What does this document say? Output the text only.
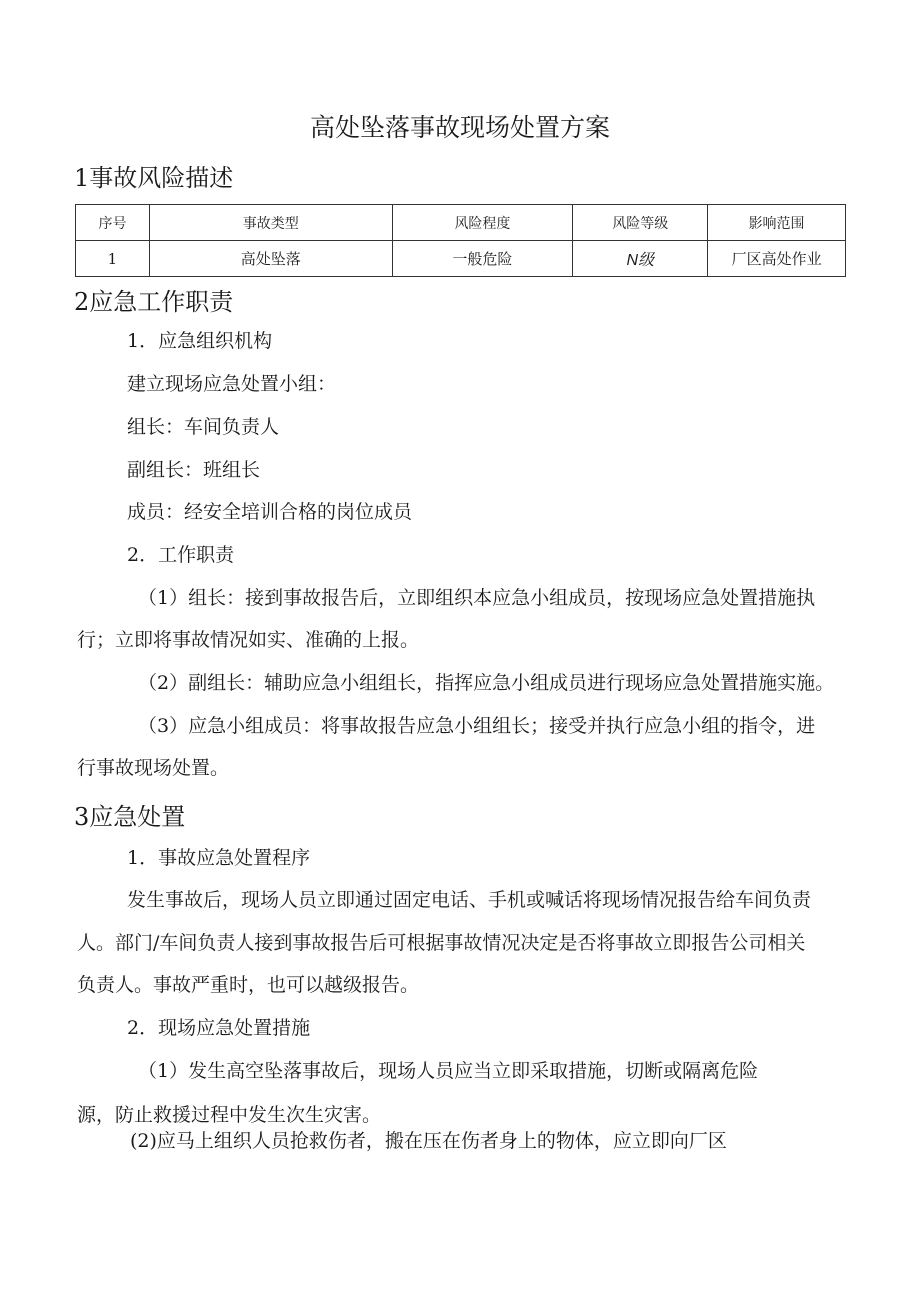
高处坠落事故现场处置方案
1事故风险描述
序号	事故类型	风险程度	风险等级	影响范围
1	高处坠落	一般危险	N级	厂区高处作业
2应急工作职责
1．应急组织机构
建立现场应急处置小组：
组长：车间负责人
副组长：班组长
成员：经安全培训合格的岗位成员
2．工作职责
（1）组长：接到事故报告后，立即组织本应急小组成员，按现场应急处置措施执
行；立即将事故情况如实、准确的上报。
（2）副组长：辅助应急小组组长，指挥应急小组成员进行现场应急处置措施实施。
（3）应急小组成员：将事故报告应急小组组长；接受并执行应急小组的指令，进
行事故现场处置。
3应急处置
1．事故应急处置程序
发生事故后，现场人员立即通过固定电话、手机或喊话将现场情况报告给车间负责
人。部门/车间负责人接到事故报告后可根据事故情况决定是否将事故立即报告公司相关
负责人。事故严重时，也可以越级报告。
2．现场应急处置措施
（1）发生高空坠落事故后，现场人员应当立即采取措施，切断或隔离危险
源，防止救援过程中发生次生灾害。
(2)应马上组织人员抢救伤者，搬在压在伤者身上的物体，应立即向厂区
